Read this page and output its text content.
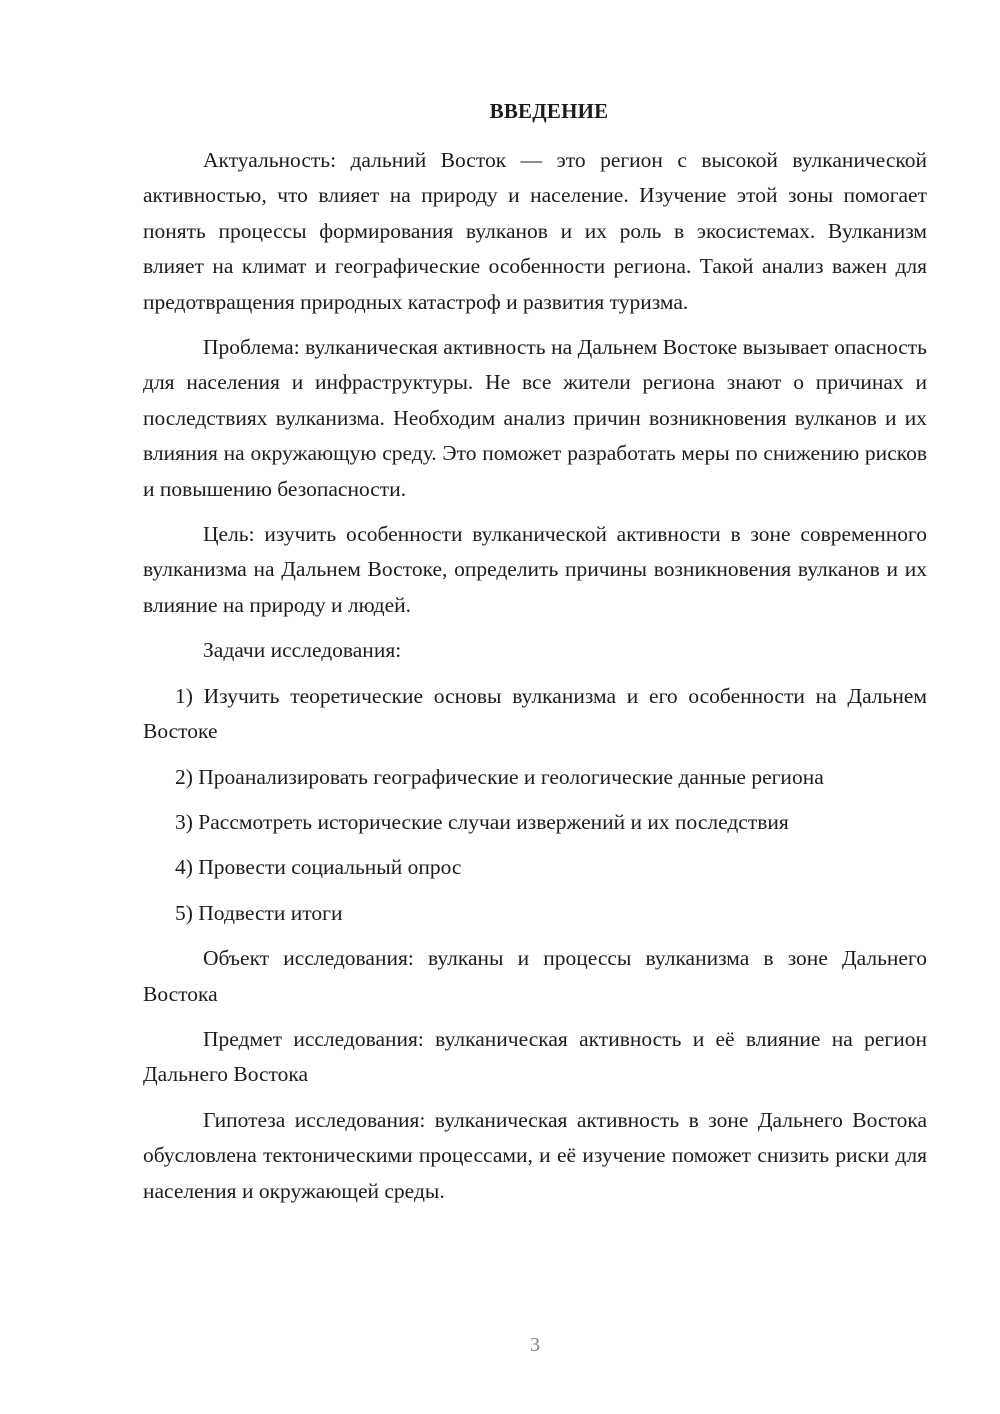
ВВЕДЕНИЕ

Актуальность: дальний Восток — это регион с высокой вулканической активностью, что влияет на природу и население. Изучение этой зоны помогает понять процессы формирования вулканов и их роль в экосистемах. Вулканизм влияет на климат и географические особенности региона. Такой анализ важен для предотвращения природных катастроф и развития туризма.

Проблема: вулканическая активность на Дальнем Востоке вызывает опасность для населения и инфраструктуры. Не все жители региона знают о причинах и последствиях вулканизма. Необходим анализ причин возникновения вулканов и их влияния на окружающую среду. Это поможет разработать меры по снижению рисков и повышению безопасности.

Цель: изучить особенности вулканической активности в зоне современного вулканизма на Дальнем Востоке, определить причины возникновения вулканов и их влияние на природу и людей.

Задачи исследования:

1) Изучить теоретические основы вулканизма и его особенности на Дальнем Востоке

2) Проанализировать географические и геологические данные региона

3) Рассмотреть исторические случаи извержений и их последствия

4) Провести социальный опрос

5) Подвести итоги

Объект исследования: вулканы и процессы вулканизма в зоне Дальнего Востока

Предмет исследования: вулканическая активность и её влияние на регион Дальнего Востока

Гипотеза исследования: вулканическая активность в зоне Дальнего Востока обусловлена тектоническими процессами, и её изучение поможет снизить риски для населения и окружающей среды.

3
